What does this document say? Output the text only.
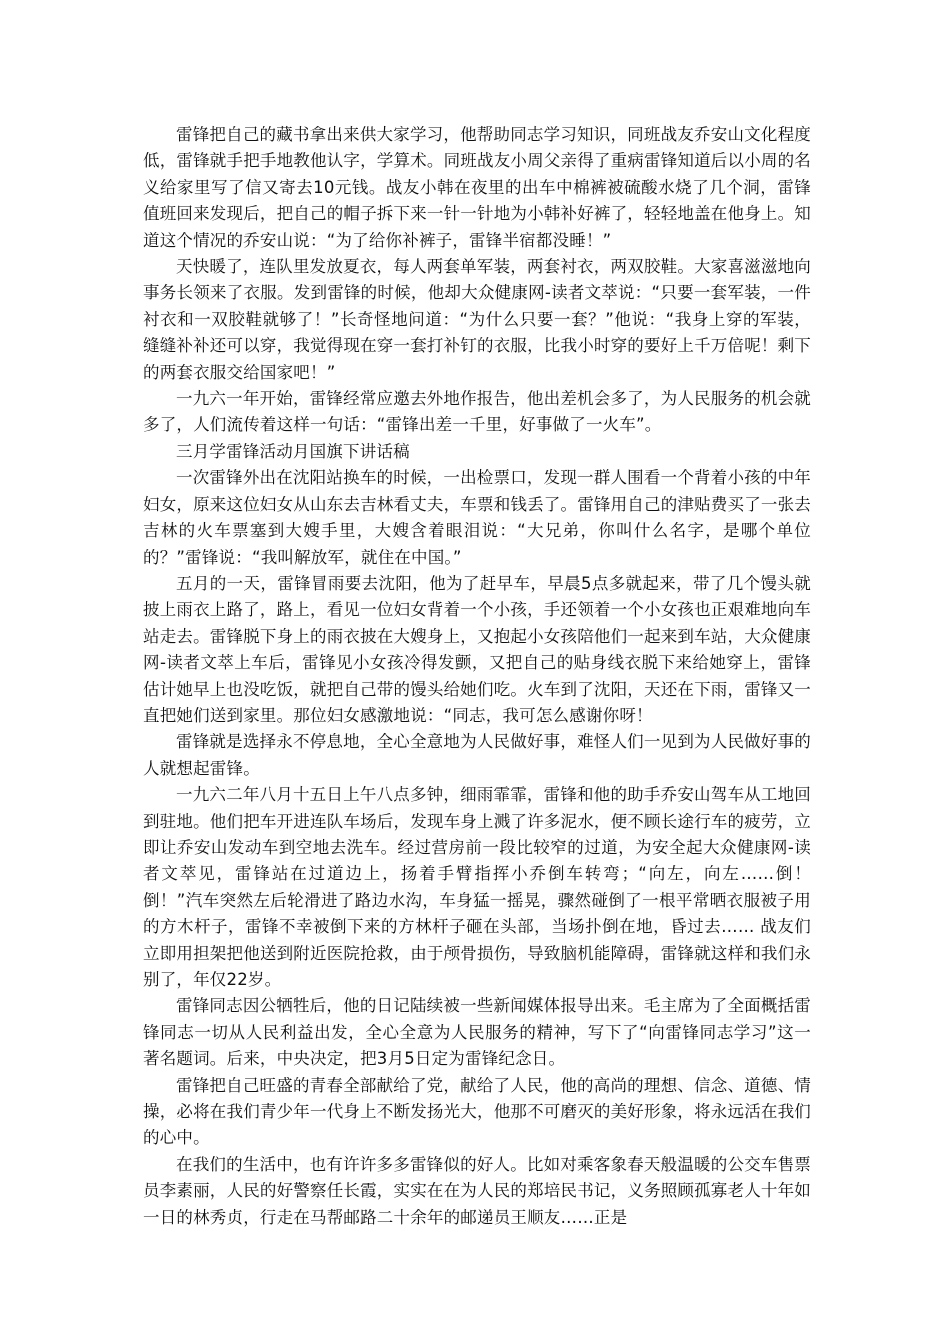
雷锋把自己的藏书拿出来供大家学习，他帮助同志学习知识，同班战友乔安山文化程度低，雷锋就手把手地教他认字，学算术。同班战友小周父亲得了重病雷锋知道后以小周的名义给家里写了信又寄去10元钱。战友小韩在夜里的出车中棉裤被硫酸水烧了几个洞，雷锋值班回来发现后，把自己的帽子拆下来一针一针地为小韩补好裤了，轻轻地盖在他身上。知道这个情况的乔安山说：“为了给你补裤子，雷锋半宿都没睡！”

天快暖了，连队里发放夏衣，每人两套单军装，两套衬衣，两双胶鞋。大家喜滋滋地向事务长领来了衣服。发到雷锋的时候，他却大众健康网-读者文萃说：“只要一套军装，一件衬衣和一双胶鞋就够了！”长奇怪地问道：“为什么只要一套？”他说：“我身上穿的军装，缝缝补补还可以穿，我觉得现在穿一套打补钉的衣服，比我小时穿的要好上千万倍呢！剩下的两套衣服交给国家吧！”

一九六一年开始，雷锋经常应邀去外地作报告，他出差机会多了，为人民服务的机会就多了，人们流传着这样一句话：“雷锋出差一千里，好事做了一火车”。

三月学雷锋活动月国旗下讲话稿

一次雷锋外出在沈阳站换车的时候，一出检票口，发现一群人围看一个背着小孩的中年妇女，原来这位妇女从山东去吉林看丈夫，车票和钱丢了。雷锋用自己的津贴费买了一张去吉林的火车票塞到大嫂手里，大嫂含着眼泪说：“大兄弟，你叫什么名字，是哪个单位的？”雷锋说：“我叫解放军，就住在中国。”

五月的一天，雷锋冒雨要去沈阳，他为了赶早车，早晨5点多就起来，带了几个馒头就披上雨衣上路了，路上，看见一位妇女背着一个小孩，手还领着一个小女孩也正艰难地向车站走去。雷锋脱下身上的雨衣披在大嫂身上，又抱起小女孩陪他们一起来到车站，大众健康网-读者文萃上车后，雷锋见小女孩冷得发颤，又把自己的贴身线衣脱下来给她穿上，雷锋估计她早上也没吃饭，就把自己带的馒头给她们吃。火车到了沈阳，天还在下雨，雷锋又一直把她们送到家里。那位妇女感激地说：“同志，我可怎么感谢你呀！

雷锋就是选择永不停息地，全心全意地为人民做好事，难怪人们一见到为人民做好事的人就想起雷锋。

一九六二年八月十五日上午八点多钟，细雨霏霏，雷锋和他的助手乔安山驾车从工地回到驻地。他们把车开进连队车场后，发现车身上溅了许多泥水，便不顾长途行车的疲劳，立即让乔安山发动车到空地去洗车。经过营房前一段比较窄的过道，为安全起大众健康网-读者文萃见，雷锋站在过道边上，扬着手臂指挥小乔倒车转弯；“向左，向左……倒！倒！”汽车突然左后轮滑进了路边水沟，车身猛一摇晃，骤然碰倒了一根平常晒衣服被子用的方木杆子，雷锋不幸被倒下来的方林杆子砸在头部，当场扑倒在地，昏过去…… 战友们立即用担架把他送到附近医院抢救，由于颅骨损伤，导致脑机能障碍，雷锋就这样和我们永别了，年仅22岁。

雷锋同志因公牺牲后，他的日记陆续被一些新闻媒体报导出来。毛主席为了全面概括雷锋同志一切从人民利益出发，全心全意为人民服务的精神，写下了“向雷锋同志学习”这一著名题词。后来，中央决定，把3月5日定为雷锋纪念日。

雷锋把自己旺盛的青春全部献给了党，献给了人民，他的高尚的理想、信念、道德、情操，必将在我们青少年一代身上不断发扬光大，他那不可磨灭的美好形象，将永远活在我们的心中。

在我们的生活中，也有许许多多雷锋似的好人。比如对乘客象春天般温暖的公交车售票员李素丽，人民的好警察任长霞，实实在在为人民的郑培民书记，义务照顾孤寡老人十年如一日的林秀贞，行走在马帮邮路二十余年的邮递员王顺友……正是
